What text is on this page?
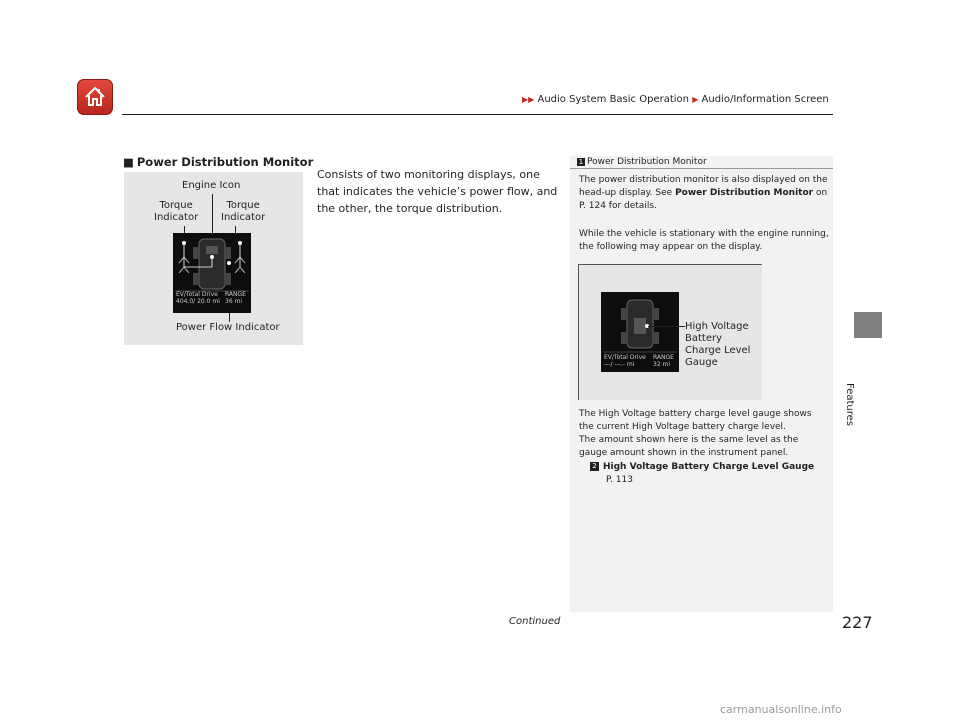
▶▶ Audio System Basic Operation ▶ Audio/Information Screen
Features
■ Power Distribution Monitor
Engine Icon
Torque
Indicator
Torque
Indicator
EV/Total Drive
404.0/ 20.0 mi
RANGE
36 mi
Power Flow Indicator
Consists of two monitoring displays, one that indicates the vehicle’s power flow, and the other, the torque distribution.
1 Power Distribution Monitor
The power distribution monitor is also displayed on the head-up display. See Power Distribution Monitor on P. 124 for details.
While the vehicle is stationary with the engine running, the following may appear on the display.
EV/Total Drive
---/ ---.- mi
RANGE
32 mi
High Voltage
Battery
Charge Level
Gauge
The High Voltage battery charge level gauge shows the current High Voltage battery charge level.
The amount shown here is the same level as the gauge amount shown in the instrument panel.
2 High Voltage Battery Charge Level Gauge
P. 113
Continued	227
carmanualsonline.info
